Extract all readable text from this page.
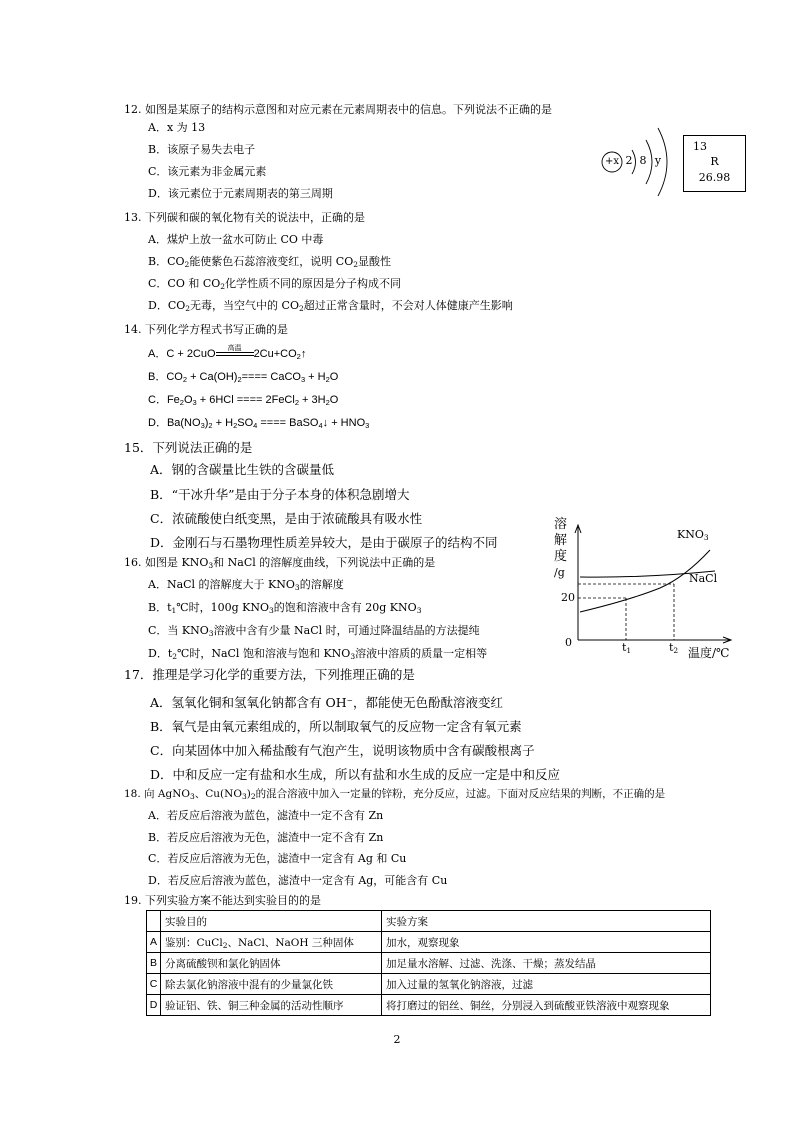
12. 如图是某原子的结构示意图和对应元素在元素周期表中的信息。下列说法不正确的是
A．x 为 13
B．该原子易失去电子
C．该元素为非金属元素
D．该元素位于元素周期表的第三周期
+x 2 8 y
13
R
26.98
13. 下列碳和碳的氧化物有关的说法中，正确的是
A．煤炉上放一盆水可防止 CO 中毒
B．$CO_2$能使紫色石蕊溶液变红，说明 $CO_2$显酸性
C．CO 和 $CO_2$化学性质不同的原因是分子构成不同
D．$CO_2$无毒，当空气中的 $CO_2$超过正常含量时，不会对人体健康产生影响
14. 下列化学方程式书写正确的是
A．C + 2CuO	高温	$2Cu+CO_2↑$
B．$CO_2 + Ca(OH)_2====$ CaCO$_3$ + $H_2O$
C．$Fe_2O_3 + 6HCl$ ==== 2FeCl$_2$ + $3H_2O$
D．$Ba(NO_3)_2 + H_2SO_4$ ==== BaSO$_4$↓ + $HNO_3$
15．下列说法正确的是
A．钢的含碳量比生铁的含碳量低
B．“干冰升华”是由于分子本身的体积急剧增大
C．浓硫酸使白纸变黑，是由于浓硫酸具有吸水性
D．金刚石与石墨物理性质差异较大，是由于碳原子的结构不同
16. 如图是 $KNO_3$和 NaCl 的溶解度曲线，下列说法中正确的是
A．NaCl 的溶解度大于 $KNO_3$的溶解度
B．$t_1℃$时，100g $KNO_3$的饱和溶液中含有 20g $KNO_3$
C．当 $KNO_3$溶液中含有少量 NaCl 时，可通过降温结晶的方法提纯
D．$t_2℃$时，NaCl 饱和溶液与饱和 $KNO_3$溶液中溶质的质量一定相等
溶
解
度
/g
$KNO_3$
NaCl
20
0	$t_1$	$t_2$ 温度/℃
17．推理是学习化学的重要方法，下列推理正确的是
A．氢氧化铜和氢氧化钠都含有 OH−，都能使无色酚酞溶液变红
B．氧气是由氧元素组成的，所以制取氧气的反应物一定含有氧元素
C．向某固体中加入稀盐酸有气泡产生，说明该物质中含有碳酸根离子
D．中和反应一定有盐和水生成，所以有盐和水生成的反应一定是中和反应
18. 向 AgNO$_3$、$Cu(NO_3)_2$的混合溶液中加入一定量的锌粉，充分反应，过滤。下面对反应结果的判断，不正确的是
A．若反应后溶液为蓝色，滤渣中一定不含有 Zn
B．若反应后溶液为无色，滤渣中一定不含有 Zn
C．若反应后溶液为无色，滤渣中一定含有 Ag 和 Cu
D．若反应后溶液为蓝色，滤渣中一定含有 Ag，可能含有 Cu
19. 下列实验方案不能达到实验目的的是
	实验目的	实验方案
A	鉴别：CuCl$_2$、NaCl、NaOH 三种固体	加水，观察现象
B	分离硫酸钡和氯化钠固体	加足量水溶解、过滤、洗涤、干燥；蒸发结晶
C	除去氯化钠溶液中混有的少量氯化铁	加入过量的氢氧化钠溶液，过滤
D	验证铝、铁、铜三种金属的活动性顺序	将打磨过的铝丝、铜丝，分别浸入到硫酸亚铁溶液中观察现象
2
